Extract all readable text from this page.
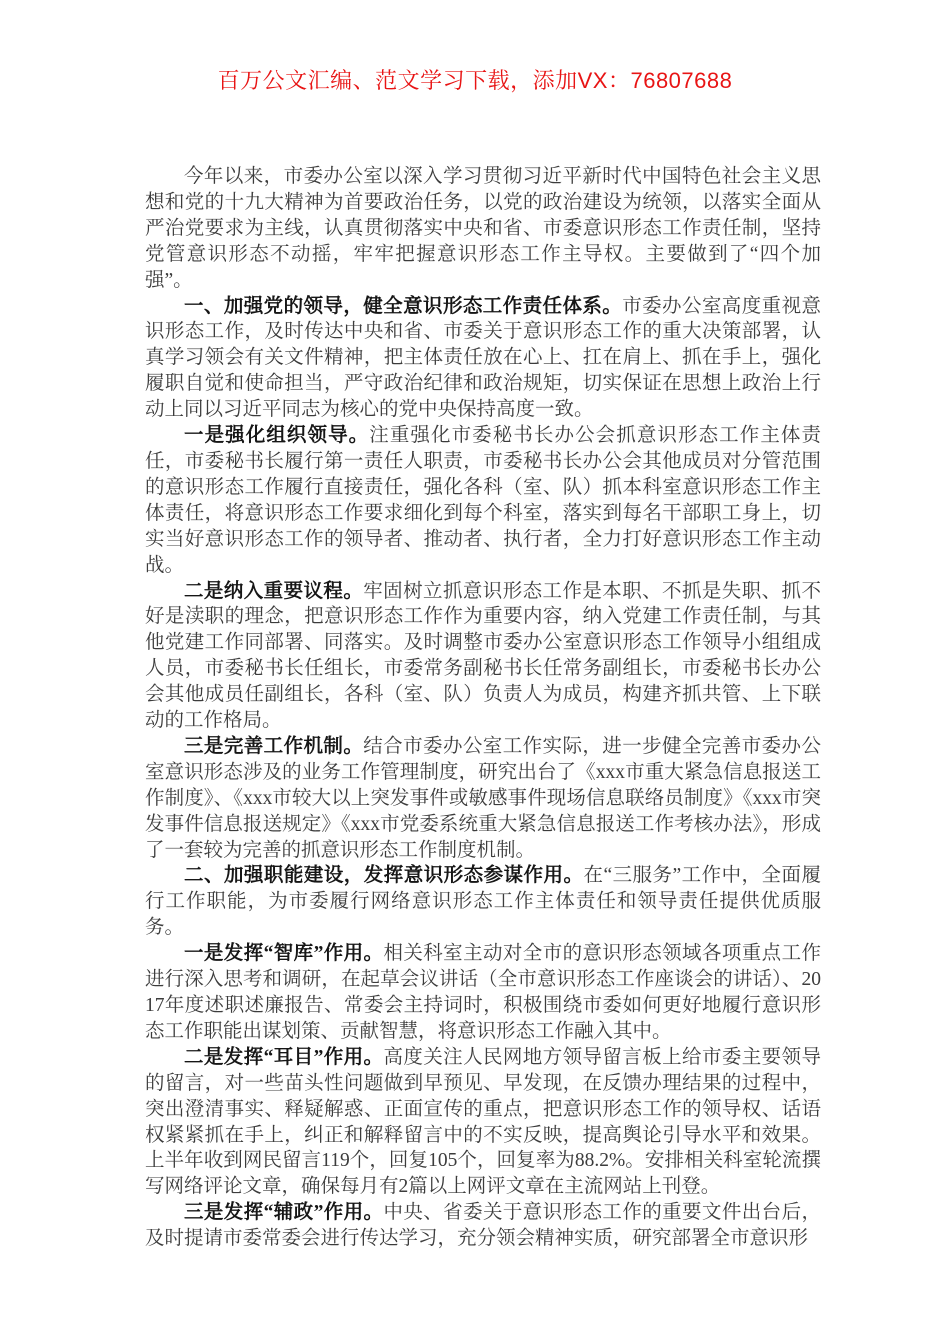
百万公文汇编、范文学习下载，添加VX：76807688

今年以来，市委办公室以深入学习贯彻习近平新时代中国特色社会主义思想和党的十九大精神为首要政治任务，以党的政治建设为统领，以落实全面从严治党要求为主线，认真贯彻落实中央和省、市委意识形态工作责任制，坚持党管意识形态不动摇，牢牢把握意识形态工作主导权。主要做到了“四个加强”。

一、加强党的领导，健全意识形态工作责任体系。市委办公室高度重视意识形态工作，及时传达中央和省、市委关于意识形态工作的重大决策部署，认真学习领会有关文件精神，把主体责任放在心上、扛在肩上、抓在手上，强化履职自觉和使命担当，严守政治纪律和政治规矩，切实保证在思想上政治上行动上同以习近平同志为核心的党中央保持高度一致。

一是强化组织领导。注重强化市委秘书长办公会抓意识形态工作主体责任，市委秘书长履行第一责任人职责，市委秘书长办公会其他成员对分管范围的意识形态工作履行直接责任，强化各科（室、队）抓本科室意识形态工作主体责任，将意识形态工作要求细化到每个科室，落实到每名干部职工身上，切实当好意识形态工作的领导者、推动者、执行者，全力打好意识形态工作主动战。

二是纳入重要议程。牢固树立抓意识形态工作是本职、不抓是失职、抓不好是渎职的理念，把意识形态工作作为重要内容，纳入党建工作责任制，与其他党建工作同部署、同落实。及时调整市委办公室意识形态工作领导小组组成人员，市委秘书长任组长，市委常务副秘书长任常务副组长，市委秘书长办公会其他成员任副组长，各科（室、队）负责人为成员，构建齐抓共管、上下联动的工作格局。

三是完善工作机制。结合市委办公室工作实际，进一步健全完善市委办公室意识形态涉及的业务工作管理制度，研究出台了《xxx市重大紧急信息报送工作制度》、《xxx市较大以上突发事件或敏感事件现场信息联络员制度》《xxx市突发事件信息报送规定》《xxx市党委系统重大紧急信息报送工作考核办法》，形成了一套较为完善的抓意识形态工作制度机制。

二、加强职能建设，发挥意识形态参谋作用。在“三服务”工作中，全面履行工作职能，为市委履行网络意识形态工作主体责任和领导责任提供优质服务。

一是发挥“智库”作用。相关科室主动对全市的意识形态领域各项重点工作进行深入思考和调研，在起草会议讲话（全市意识形态工作座谈会的讲话）、2017年度述职述廉报告、常委会主持词时，积极围绕市委如何更好地履行意识形态工作职能出谋划策、贡献智慧，将意识形态工作融入其中。

二是发挥“耳目”作用。高度关注人民网地方领导留言板上给市委主要领导的留言，对一些苗头性问题做到早预见、早发现，在反馈办理结果的过程中，突出澄清事实、释疑解惑、正面宣传的重点，把意识形态工作的领导权、话语权紧紧抓在手上，纠正和解释留言中的不实反映，提高舆论引导水平和效果。上半年收到网民留言119个，回复105个，回复率为88.2%。安排相关科室轮流撰写网络评论文章，确保每月有2篇以上网评文章在主流网站上刊登。

三是发挥“辅政”作用。中央、省委关于意识形态工作的重要文件出台后，及时提请市委常委会进行传达学习，充分领会精神实质，研究部署全市意识形
